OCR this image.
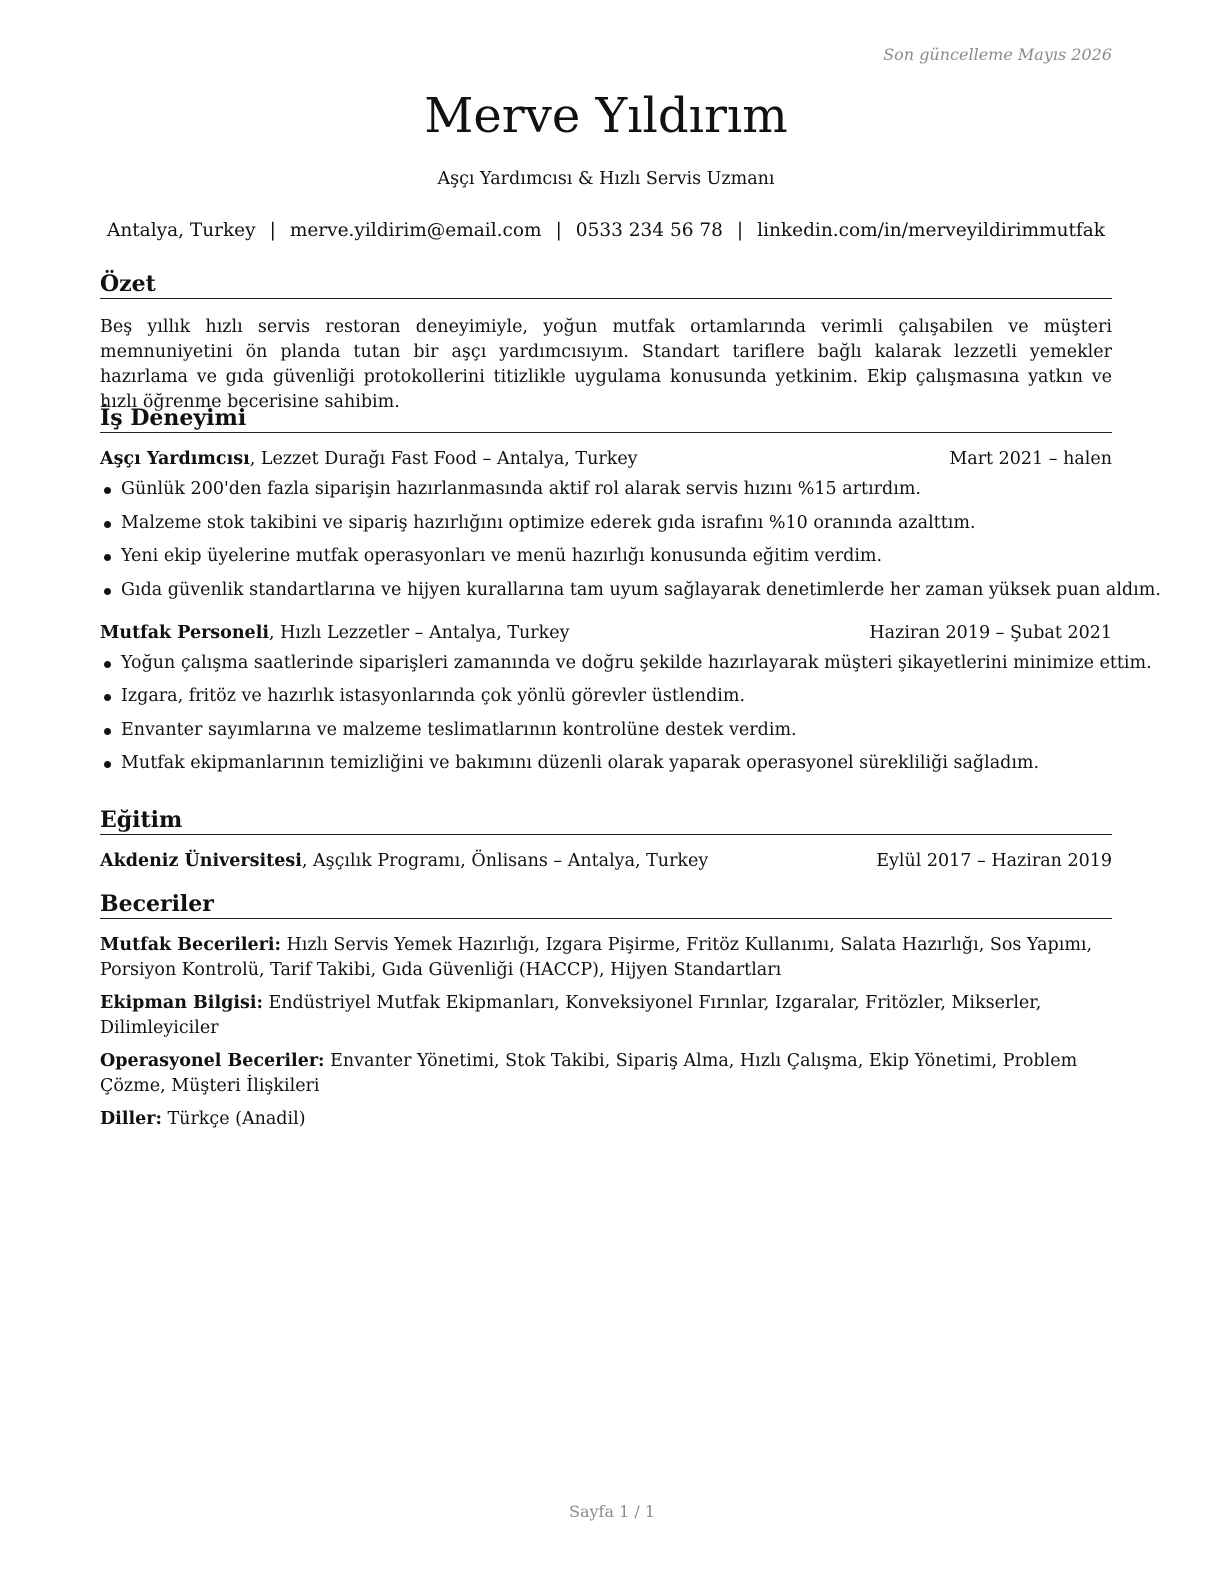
Son güncelleme Mayıs 2026
Merve Yıldırım
Aşçı Yardımcısı & Hızlı Servis Uzmanı
Antalya, Turkey | merve.yildirim@email.com | 0533 234 56 78 | linkedin.com/in/merveyildirimmutfak
Özet
Beş yıllık hızlı servis restoran deneyimiyle, yoğun mutfak ortamlarında verimli çalışabilen ve müşteri memnuniyetini ön planda tutan bir aşçı yardımcısıyım. Standart tariflere bağlı kalarak lezzetli yemekler hazırlama ve gıda güvenliği protokollerini titizlikle uygulama konusunda yetkinim. Ekip çalışmasına yatkın ve hızlı öğrenme becerisine sahibim.
İş Deneyimi
Aşçı Yardımcısı, Lezzet Durağı Fast Food – Antalya, Turkey	Mart 2021 – halen
Günlük 200'den fazla siparişin hazırlanmasında aktif rol alarak servis hızını %15 artırdım.
Malzeme stok takibini ve sipariş hazırlığını optimize ederek gıda israfını %10 oranında azalttım.
Yeni ekip üyelerine mutfak operasyonları ve menü hazırlığı konusunda eğitim verdim.
Gıda güvenlik standartlarına ve hijyen kurallarına tam uyum sağlayarak denetimlerde her zaman yüksek puan aldım.
Mutfak Personeli, Hızlı Lezzetler – Antalya, Turkey	Haziran 2019 – Şubat 2021
Yoğun çalışma saatlerinde siparişleri zamanında ve doğru şekilde hazırlayarak müşteri şikayetlerini minimize ettim.
Izgara, fritöz ve hazırlık istasyonlarında çok yönlü görevler üstlendim.
Envanter sayımlarına ve malzeme teslimatlarının kontrolüne destek verdim.
Mutfak ekipmanlarının temizliğini ve bakımını düzenli olarak yaparak operasyonel sürekliliği sağladım.
Eğitim
Akdeniz Üniversitesi, Aşçılık Programı, Önlisans – Antalya, Turkey	Eylül 2017 – Haziran 2019
Beceriler
Mutfak Becerileri: Hızlı Servis Yemek Hazırlığı, Izgara Pişirme, Fritöz Kullanımı, Salata Hazırlığı, Sos Yapımı, Porsiyon Kontrolü, Tarif Takibi, Gıda Güvenliği (HACCP), Hijyen Standartları
Ekipman Bilgisi: Endüstriyel Mutfak Ekipmanları, Konveksiyonel Fırınlar, Izgaralar, Fritözler, Mikserler, Dilimleyiciler
Operasyonel Beceriler: Envanter Yönetimi, Stok Takibi, Sipariş Alma, Hızlı Çalışma, Ekip Yönetimi, Problem Çözme, Müşteri İlişkileri
Diller: Türkçe (Anadil)
Sayfa 1 / 1
